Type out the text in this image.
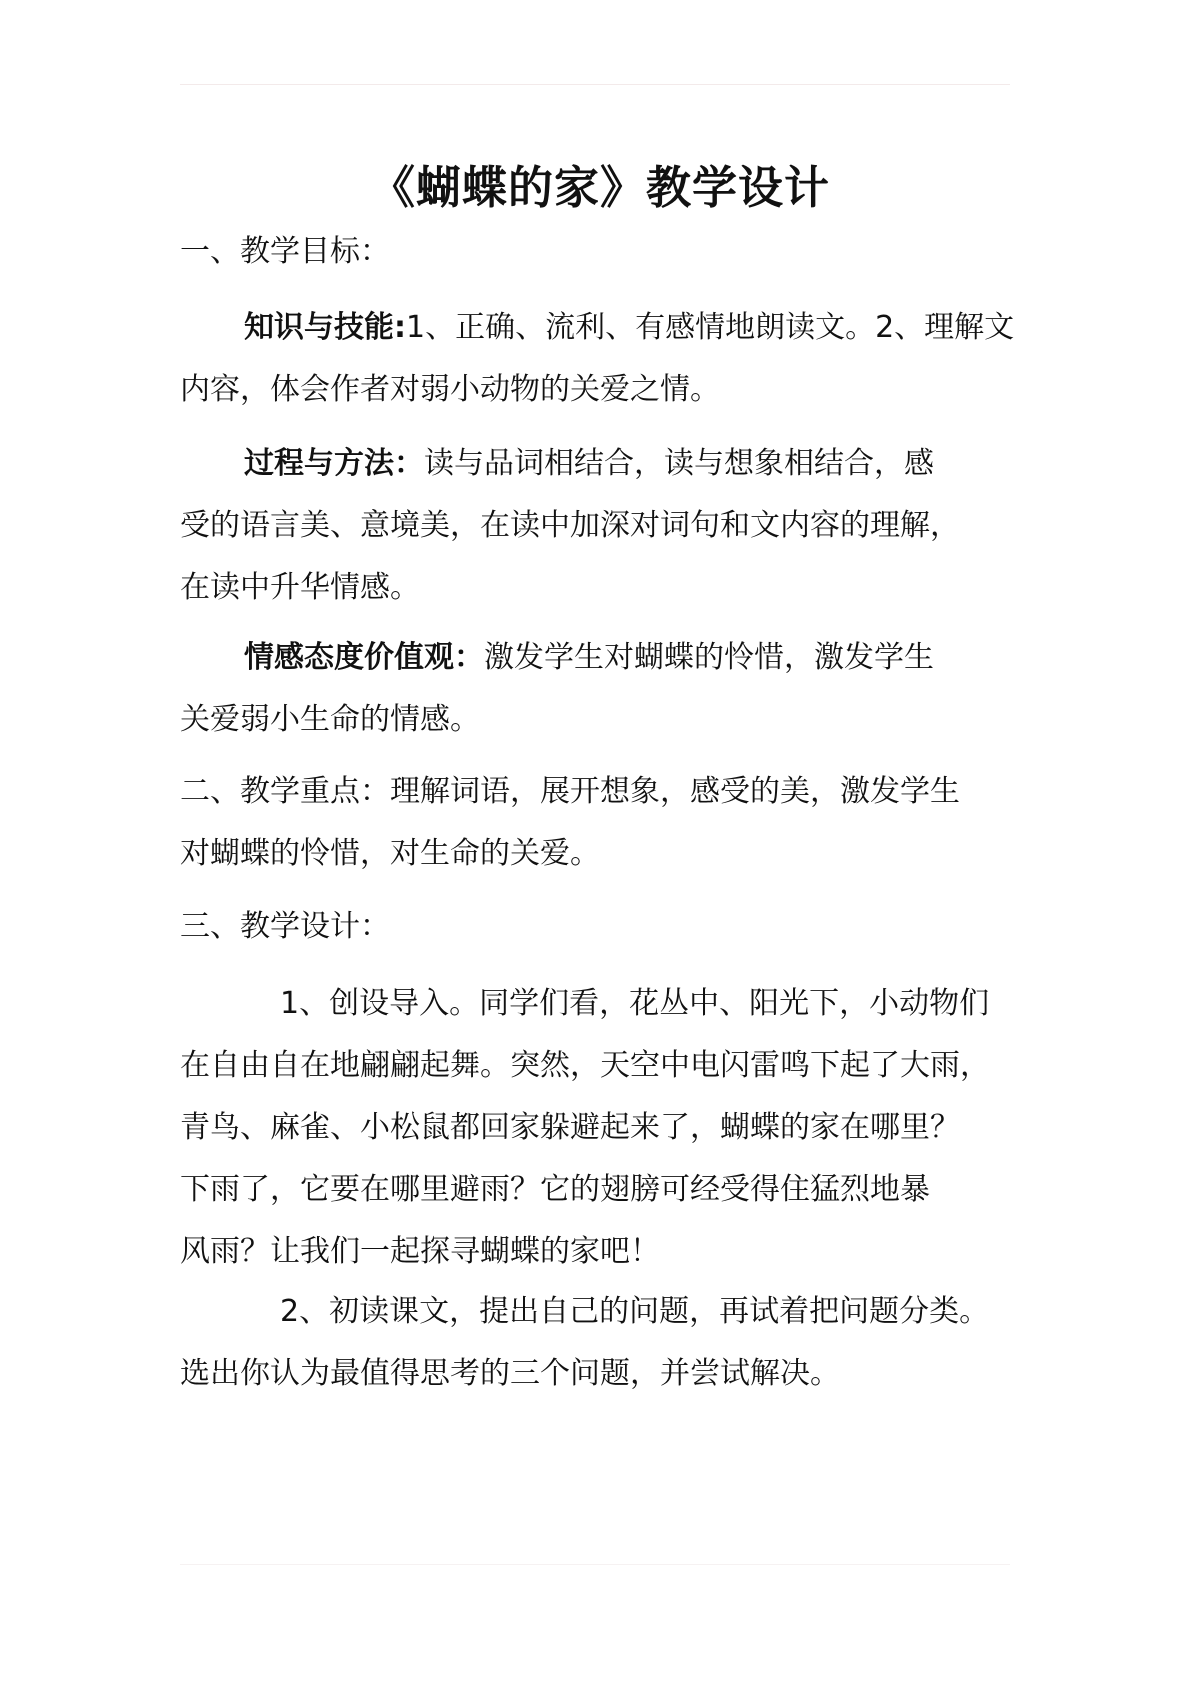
《蝴蝶的家》教学设计

一、教学目标：

知识与技能:1、正确、流利、有感情地朗读文。2、理解文
内容，体会作者对弱小动物的关爱之情。

过程与方法：读与品词相结合，读与想象相结合，感
受的语言美、意境美，在读中加深对词句和文内容的理解，
在读中升华情感。

情感态度价值观：激发学生对蝴蝶的怜惜，激发学生
关爱弱小生命的情感。

二、教学重点：理解词语，展开想象，感受的美，激发学生
对蝴蝶的怜惜，对生命的关爱。

三、教学设计：

1、创设导入。同学们看，花丛中、阳光下，小动物们
在自由自在地翩翩起舞。突然，天空中电闪雷鸣下起了大雨，
青鸟、麻雀、小松鼠都回家躲避起来了，蝴蝶的家在哪里？
下雨了，它要在哪里避雨？它的翅膀可经受得住猛烈地暴
风雨？让我们一起探寻蝴蝶的家吧！

2、初读课文，提出自己的问题，再试着把问题分类。
选出你认为最值得思考的三个问题，并尝试解决。
